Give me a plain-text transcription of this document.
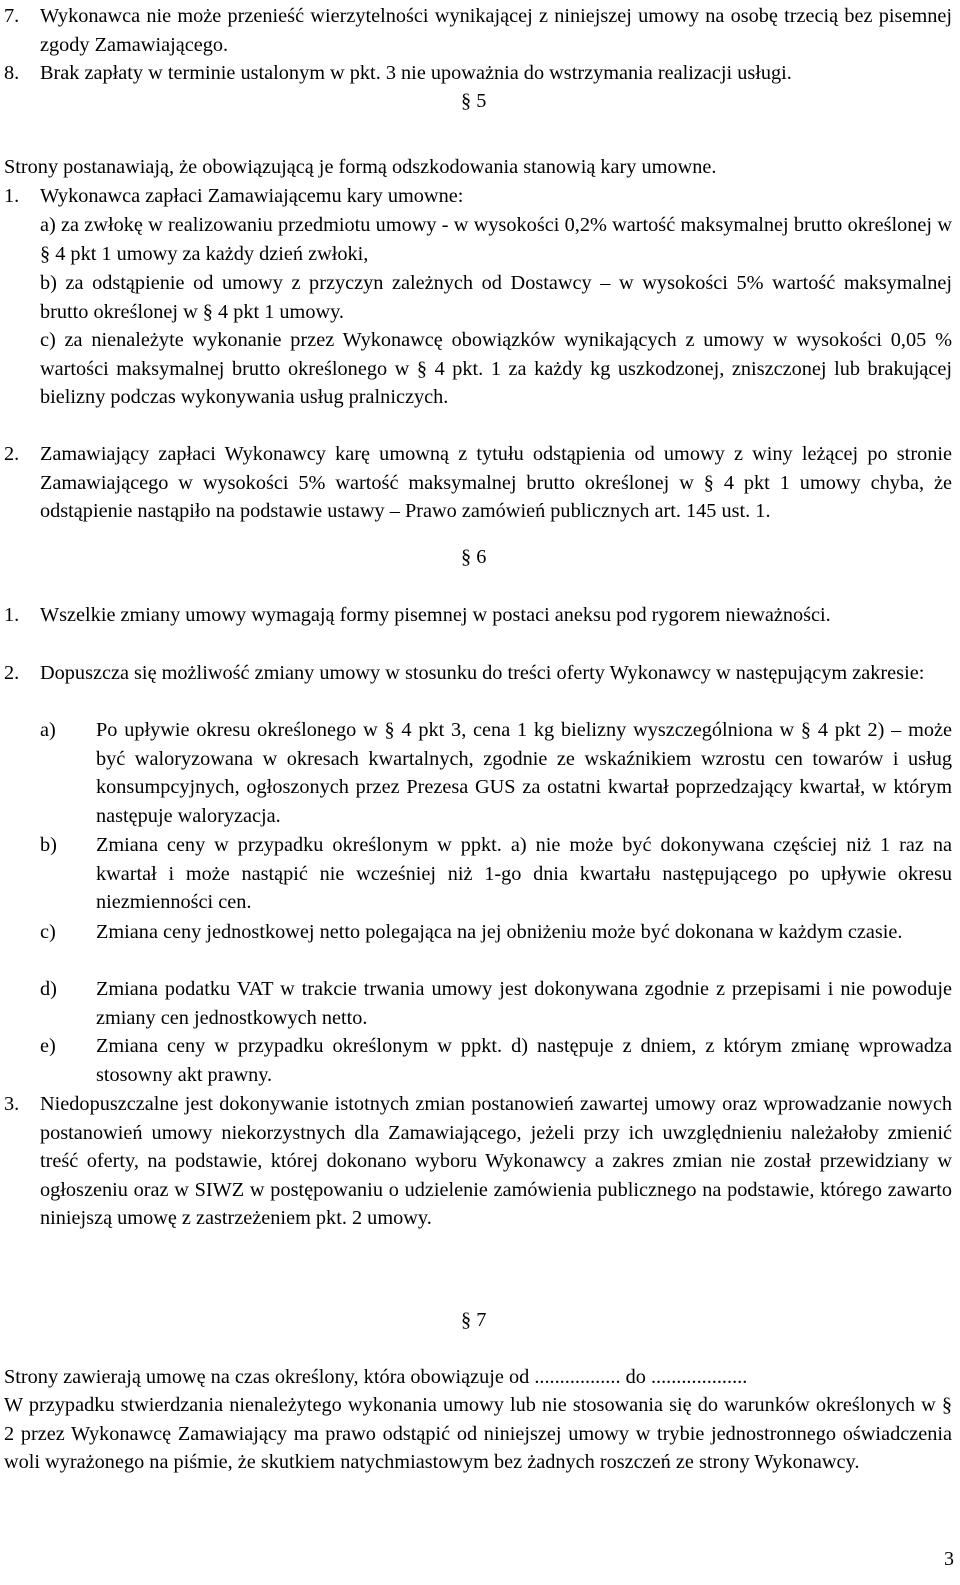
7. Wykonawca nie może przenieść wierzytelności wynikającej z niniejszej umowy na osobę trzecią bez pisemnej zgody Zamawiającego.
8. Brak zapłaty w terminie ustalonym w pkt. 3 nie upoważnia do wstrzymania realizacji usługi.
§ 5
Strony postanawiają, że obowiązującą je formą odszkodowania stanowią kary umowne.
1. Wykonawca zapłaci Zamawiającemu kary umowne:
a) za zwłokę w realizowaniu przedmiotu umowy - w wysokości 0,2% wartość maksymalnej brutto określonej w § 4 pkt 1 umowy za każdy dzień zwłoki,
b) za odstąpienie od umowy z przyczyn zależnych od Dostawcy – w wysokości 5% wartość maksymalnej brutto określonej w § 4 pkt 1 umowy.
c) za nienależyte wykonanie przez Wykonawcę obowiązków wynikających z umowy w wysokości 0,05 % wartości maksymalnej brutto określonego w § 4 pkt. 1 za każdy kg uszkodzonej, zniszczonej lub brakującej bielizny podczas wykonywania usług pralniczych.
2. Zamawiający zapłaci Wykonawcy karę umowną z tytułu odstąpienia od umowy z winy leżącej po stronie Zamawiającego w wysokości 5% wartość maksymalnej brutto określonej w § 4 pkt 1 umowy chyba, że odstąpienie nastąpiło na podstawie ustawy – Prawo zamówień publicznych art. 145 ust. 1.
§ 6
1. Wszelkie zmiany umowy wymagają formy pisemnej w postaci aneksu pod rygorem nieważności.
2. Dopuszcza się możliwość zmiany umowy w stosunku do treści oferty Wykonawcy w następującym zakresie:
a) Po upływie okresu określonego w § 4 pkt 3, cena 1 kg bielizny wyszczególniona w § 4 pkt 2) – może być waloryzowana w okresach kwartalnych, zgodnie ze wskaźnikiem wzrostu cen towarów i usług konsumpcyjnych, ogłoszonych przez Prezesa GUS za ostatni kwartał poprzedzający kwartał, w którym następuje waloryzacja.
b) Zmiana ceny w przypadku określonym w ppkt. a) nie może być dokonywana częściej niż 1 raz na kwartał i może nastąpić nie wcześniej niż 1-go dnia kwartału następującego po upływie okresu niezmienności cen.
c) Zmiana ceny jednostkowej netto polegająca na jej obniżeniu może być dokonana w każdym czasie.
d) Zmiana podatku VAT w trakcie trwania umowy jest dokonywana zgodnie z przepisami i nie powoduje zmiany cen jednostkowych netto.
e) Zmiana ceny w przypadku określonym w ppkt. d) następuje z dniem, z którym zmianę wprowadza stosowny akt prawny.
3. Niedopuszczalne jest dokonywanie istotnych zmian postanowień zawartej umowy oraz wprowadzanie nowych postanowień umowy niekorzystnych dla Zamawiającego, jeżeli przy ich uwzględnieniu należałoby zmienić treść oferty, na podstawie, której dokonano wyboru Wykonawcy a zakres zmian nie został przewidziany w ogłoszeniu oraz w SIWZ w postępowaniu o udzielenie zamówienia publicznego na podstawie, którego zawarto niniejszą umowę z zastrzeżeniem pkt. 2 umowy.
§ 7
Strony zawierają umowę na czas określony, która obowiązuje od ................. do ...................
W przypadku stwierdzania nienależytego wykonania umowy lub nie stosowania się do warunków określonych w § 2 przez Wykonawcę Zamawiający ma prawo odstąpić od niniejszej umowy w trybie jednostronnego oświadczenia woli wyrażonego na piśmie, że skutkiem natychmiastowym bez żadnych roszczeń ze strony Wykonawcy.
3
